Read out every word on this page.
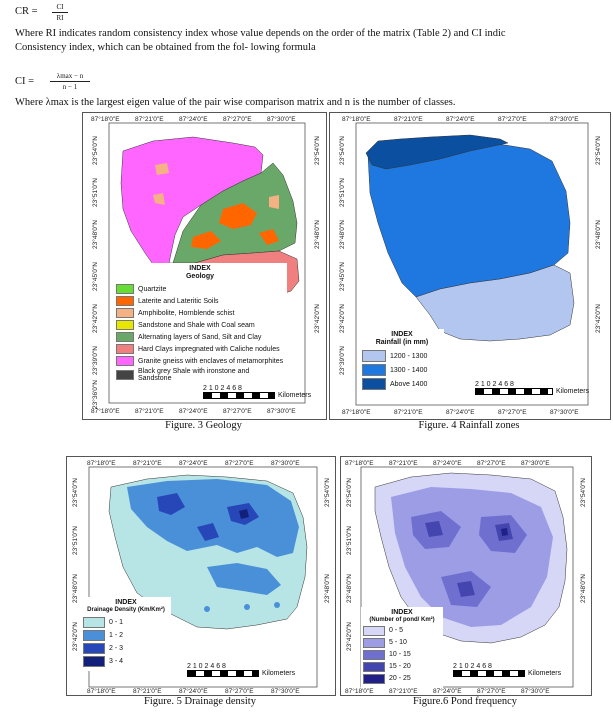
CR =	CI
RI
Where RI indicates random consistency index whose value depends on the order of the matrix (Table 2) and CI indic
Consistency index, which can be obtained from the fol- lowing formula
CI =	λmax − n
n − 1
Where λmax is the largest eigen value of the pair wise comparison matrix and n is the number of classes.
87°18'0"E 87°21'0"E 87°24'0"E 87°27'0"E 87°30'0"E
87°18'0"E 87°21'0"E 87°24'0"E 87°27'0"E 87°30'0"E
23°54'0"N
23°51'0"N
23°48'0"N
23°45'0"N
23°42'0"N
23°39'0"N
23°36'0"N
23°54'0"N
23°48'0"N
23°42'0"N
INDEX
Geology
Quartzite
Laterite and Lateritic Soils
Amphibolite, Hornblende schist
Sandstone and Shale with Coal seam
Alternating layers of Sand, Silt and Clay
Hard Clays impregnated with Caliche nodules
Granite gneiss with enclaves of metamorphites
Black grey Shale with ironstone and Sandstone
2 1 0 2 4 6 8
Kilometers
Figure. 3 Geology
87°18'0"E	87°21'0"E	87°24'0"E	87°27'0"E	87°30'0"E
87°18'0"E	87°21'0"E	87°24'0"E	87°27'0"E	87°30'0"E
23°54'0"N
23°51'0"N
23°48'0"N
23°45'0"N
23°42'0"N
23°39'0"N
23°54'0"N
23°48'0"N
23°42'0"N
INDEX
Rainfall (in mm)
1200 - 1300
1300 - 1400
Above 1400	2 1 0 2 4 6 8
Kilometers
Figure. 4 Rainfall zones
87°18'0"E	87°21'0"E	87°24'0"E	87°27'0"E	87°30'0"E
87°18'0"E	87°21'0"E	87°24'0"E	87°27'0"E	87°30'0"E
23°54'0"N
23°51'0"N
23°48'0"N
23°42'0"N
23°54'0"N
23°48'0"N
INDEX
Drainage Density (Km/Km²)
0 - 1
1 - 2
2 - 3
3 - 4
2 1 0 2 4 6 8
Kilometers
Figure. 5 Drainage density
87°18'0"E 87°21'0"E 87°24'0"E 87°27'0"E 87°30'0"E
87°18'0"E 87°21'0"E 87°24'0"E 87°27'0"E 87°30'0"E
23°54'0"N
23°51'0"N
23°48'0"N
23°42'0"N
23°54'0"N
23°48'0"N
INDEX
(Number of pond/ Km²)
0 - 5
5 - 10
10 - 15
15 - 20
20 - 25
2 1 0 2 4 6 8
Kilometers
Figure.6 Pond frequency
